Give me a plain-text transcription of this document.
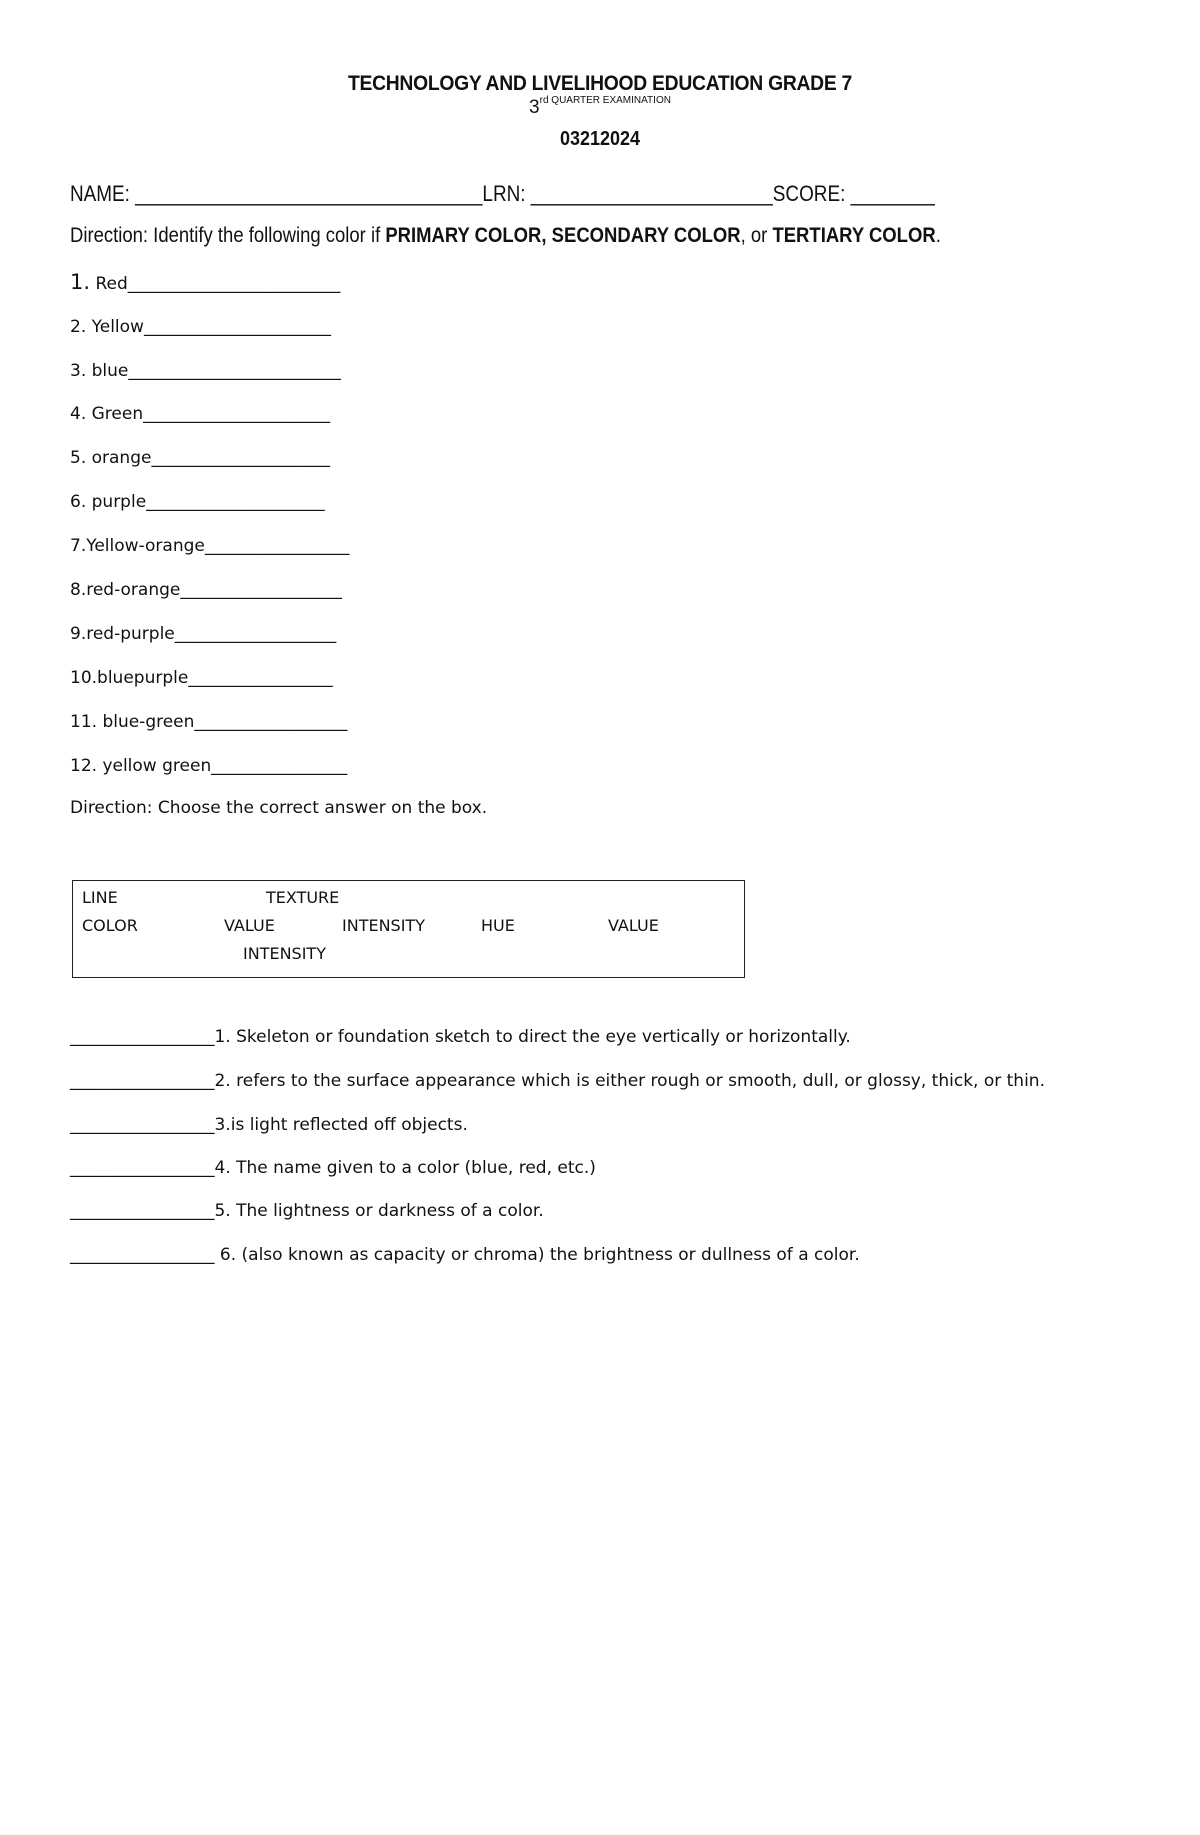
TECHNOLOGY AND LIVELIHOOD EDUCATION GRADE 7
$3^{rd QUARTER EXAMINATION}$
03212024
NAME: _________________________________LRN: _______________________SCORE: ________
Direction: Identify the following color if PRIMARY COLOR, SECONDARY COLOR, or TERTIARY COLOR.
1. Red_________________________
2. Yellow______________________
3. blue_________________________
4. Green______________________
5. orange_____________________
6. purple_____________________
7.Yellow-orange_________________
8.red-orange___________________
9.red-purple___________________
10.bluepurple_________________
11. blue-green__________________
12. yellow green________________
Direction: Choose the correct answer on the box.
LINE	TEXTURE
COLOR	VALUE	INTENSITY	HUE	VALUE
INTENSITY
_________________1. Skeleton or foundation sketch to direct the eye vertically or horizontally.
_________________2. refers to the surface appearance which is either rough or smooth, dull, or glossy, thick, or thin.
_________________3.is light reflected off objects.
_________________4. The name given to a color (blue, red, etc.)
_________________5. The lightness or darkness of a color.
_________________ 6. (also known as capacity or chroma) the brightness or dullness of a color.
